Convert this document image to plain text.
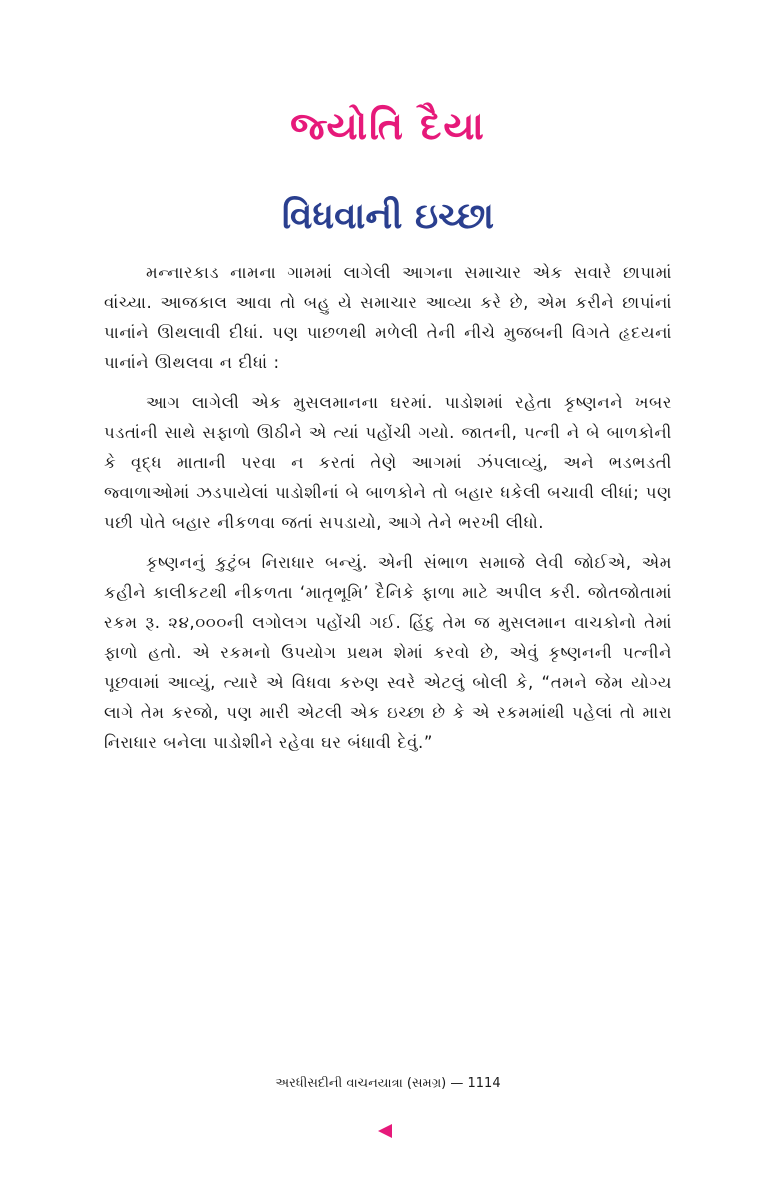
જ્યોતિ દૈયા
વિધવાની ઇચ્છા

મન્નારકાડ નામના ગામમાં લાગેલી આગના સમાચાર એક સવારે છાપામાં વાંચ્યા. આજકાલ આવા તો બહુ યે સમાચાર આવ્યા કરે છે, એમ કરીને છાપાંનાં પાનાંને ઊથલાવી દીધાં. પણ પાછળથી મળેલી તેની નીચે મુજબની વિગતે હૃદયનાં પાનાંને ઊથલવા ન દીધાં :

આગ લાગેલી એક મુસલમાનના ઘરમાં. પાડોશમાં રહેતા કૃષ્ણનને ખબર પડતાંની સાથે સફાળો ઊઠીને એ ત્યાં પહોંચી ગયો. જાતની, પત્ની ને બે બાળકોની કે વૃદ્ધ માતાની પરવા ન કરતાં તેણે આગમાં ઝંપલાવ્યું, અને ભડભડતી જ્વાળાઓમાં ઝડપાયેલાં પાડોશીનાં બે બાળકોને તો બહાર ધકેલી બચાવી લીધાં; પણ પછી પોતે બહાર નીકળવા જતાં સપડાયો, આગે તેને ભરખી લીધો.

કૃષ્ણનનું કુટુંબ નિરાધાર બન્યું. એની સંભાળ સમાજે લેવી જોઈએ, એમ કહીને કાલીકટથી નીકળતા ‘માતૃભૂમિ’ દૈનિકે ફાળા માટે અપીલ કરી. જોતજોતામાં રકમ રૂ. ૨૪,૦૦૦ની લગોલગ પહોંચી ગઈ. હિંદુ તેમ જ મુસલમાન વાચકોનો તેમાં ફાળો હતો. એ રકમનો ઉપયોગ પ્રથમ શેમાં કરવો છે, એવું કૃષ્ણનની પત્નીને પૂછવામાં આવ્યું, ત્યારે એ વિધવા કરુણ સ્વરે એટલું બોલી કે, “તમને જેમ યોગ્ય લાગે તેમ કરજો, પણ મારી એટલી એક ઇચ્છા છે કે એ રકમમાંથી પહેલાં તો મારા નિરાધાર બનેલા પાડોશીને રહેવા ઘર બંધાવી દેવું.”

અરધીસદીની વાચનયાત્રા (સમગ્ર) — 1114
